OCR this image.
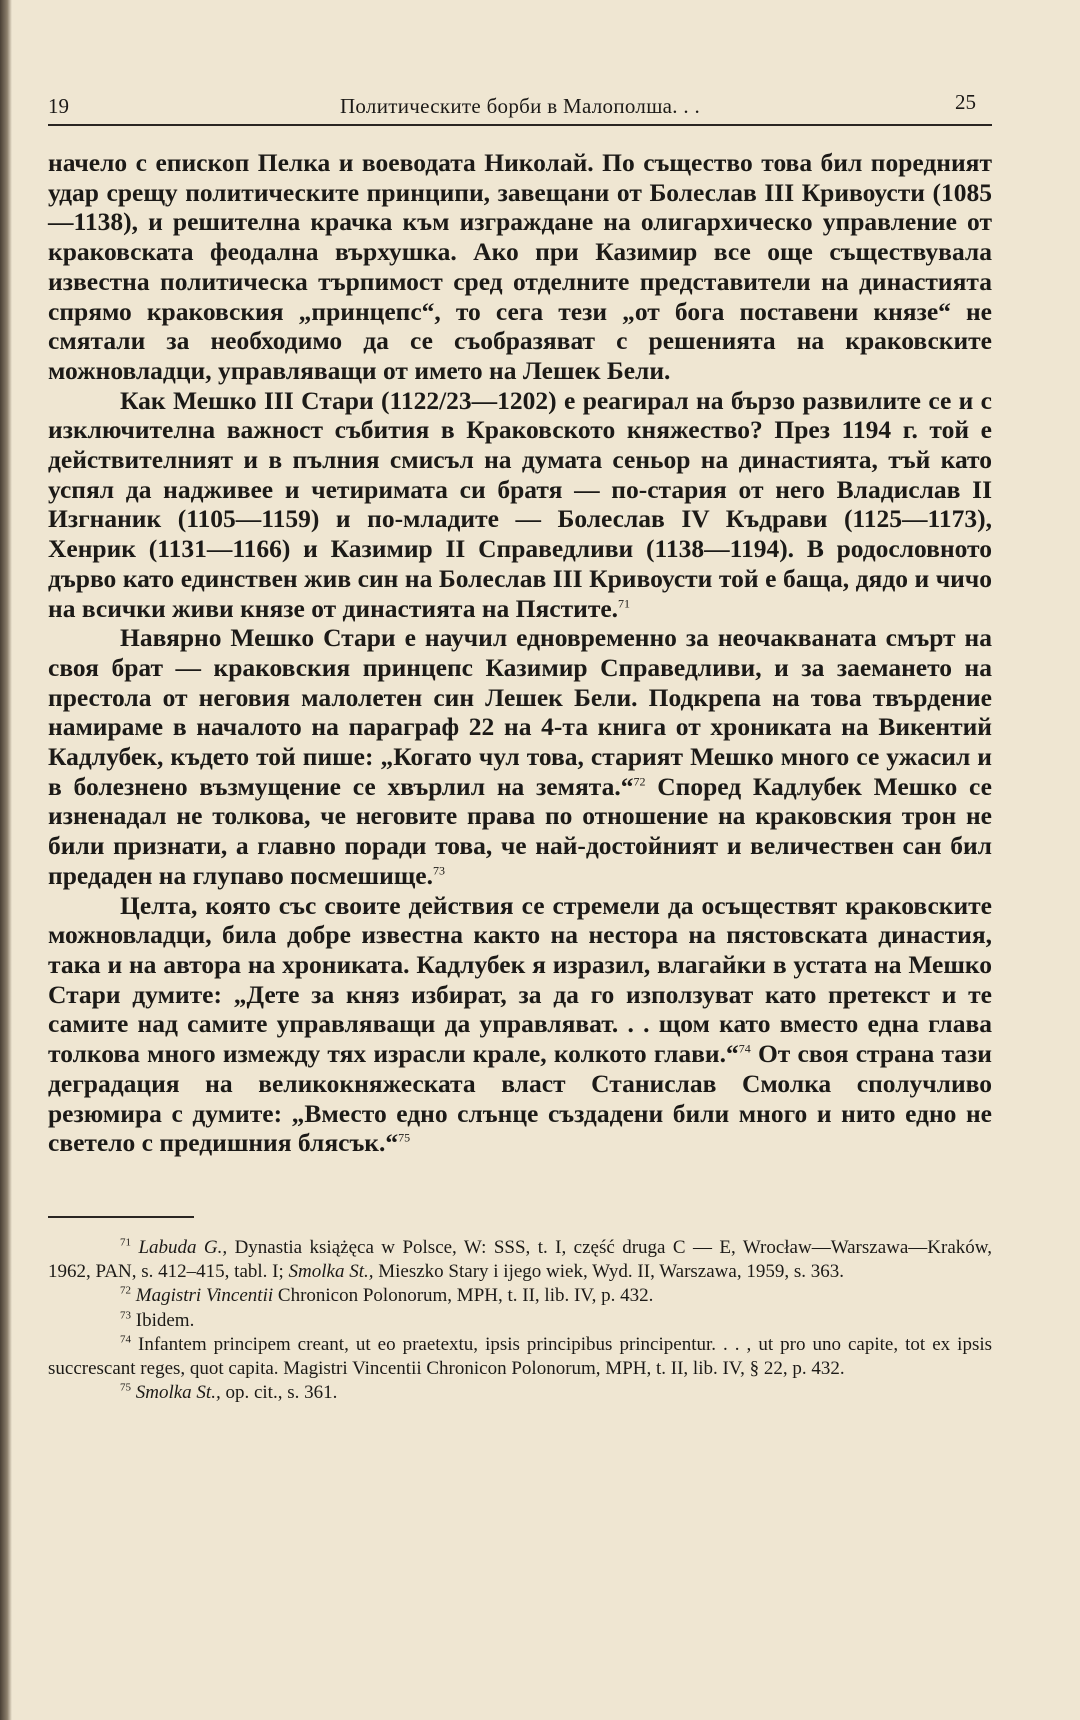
19	Политическите борби в Малополша. . .	25

начело с епископ Пелка и воеводата Николай. По същество това бил поредният удар срещу политическите принципи, завещани от Болеслав III Кривоусти (1085—1138), и решителна крачка към изграждане на олигархическо управление от краковската феодална върхушка. Ако при Казимир все още съществувала известна политическа търпимост сред отделните представители на династията спрямо краковския „принцепс“, то сега тези „от бога поставени князе“ не смятали за необходимо да се съобразяват с решенията на краковските можновладци, управляващи от името на Лешек Бели.

Как Мешко III Стари (1122/23—1202) е реагирал на бързо развилите се и с изключителна важност събития в Краковското княжество? През 1194 г. той е действителният и в пълния смисъл на думата сеньор на династията, тъй като успял да надживее и четиримата си братя — по-стария от него Владислав II Изгнаник (1105—1159) и по-младите — Болеслав IV Къдрави (1125—1173), Хенрик (1131—1166) и Казимир II Справедливи (1138—1194). В родословното дърво като единствен жив син на Болеслав III Кривоусти той е баща, дядо и чичо на всички живи князе от династията на Пястите.$^{71}$

Навярно Мешко Стари е научил едновременно за неочакваната смърт на своя брат — краковския принцепс Казимир Справедливи, и за заемането на престола от неговия малолетен син Лешек Бели. Подкрепа на това твърдение намираме в началото на параграф 22 на 4-та книга от хрониката на Викентий Кадлубек, където той пише: „Когато чул това, старият Мешко много се ужасил и в болезнено възмущение се хвърлил на земята.“$^{72}$ Според Кадлубек Мешко се изненадал не толкова, че неговите права по отношение на краковския трон не били признати, а главно поради това, че най-достойният и величествен сан бил предаден на глупаво посмешище.$^{73}$

Целта, която със своите действия се стремели да осъществят краковските можновладци, била добре известна както на нестора на пястовската династия, така и на автора на хрониката. Кадлубек я изразил, влагайки в устата на Мешко Стари думите: „Дете за княз избират, за да го използуват като претекст и те самите над самите управляващи да управляват. . . щом като вместо една глава толкова много измежду тях израсли крале, колкото глави.“$^{74}$ От своя страна тази деградация на великокняжеската власт Станислав Смолка сполучливо резюмира с думите: „Вместо едно слънце създадени били много и нито едно не светело с предишния блясък.“$^{75}$

$^{71}$ Labuda G., Dynastia książęca w Polsce, W: SSS, t. I, część druga C — E, Wrocław—Warszawa—Kraków, 1962, PAN, s. 412–415, tabl. I; Smolka St., Mieszko Stary i ijego wiek, Wyd. II, Warszawa, 1959, s. 363.

$^{72}$ Magistri Vincentii Chronicon Polonorum, MPH, t. II, lib. IV, p. 432.

$^{73}$ Ibidem.

$^{74}$ Infantem principem creant, ut eo praetextu, ipsis principibus principentur. . . , ut pro uno capite, tot ex ipsis succrescant reges, quot capita. Magistri Vincentii Chronicon Polonorum, MPH, t. II, lib. IV, § 22, p. 432.

$^{75}$ Smolka St., op. cit., s. 361.
